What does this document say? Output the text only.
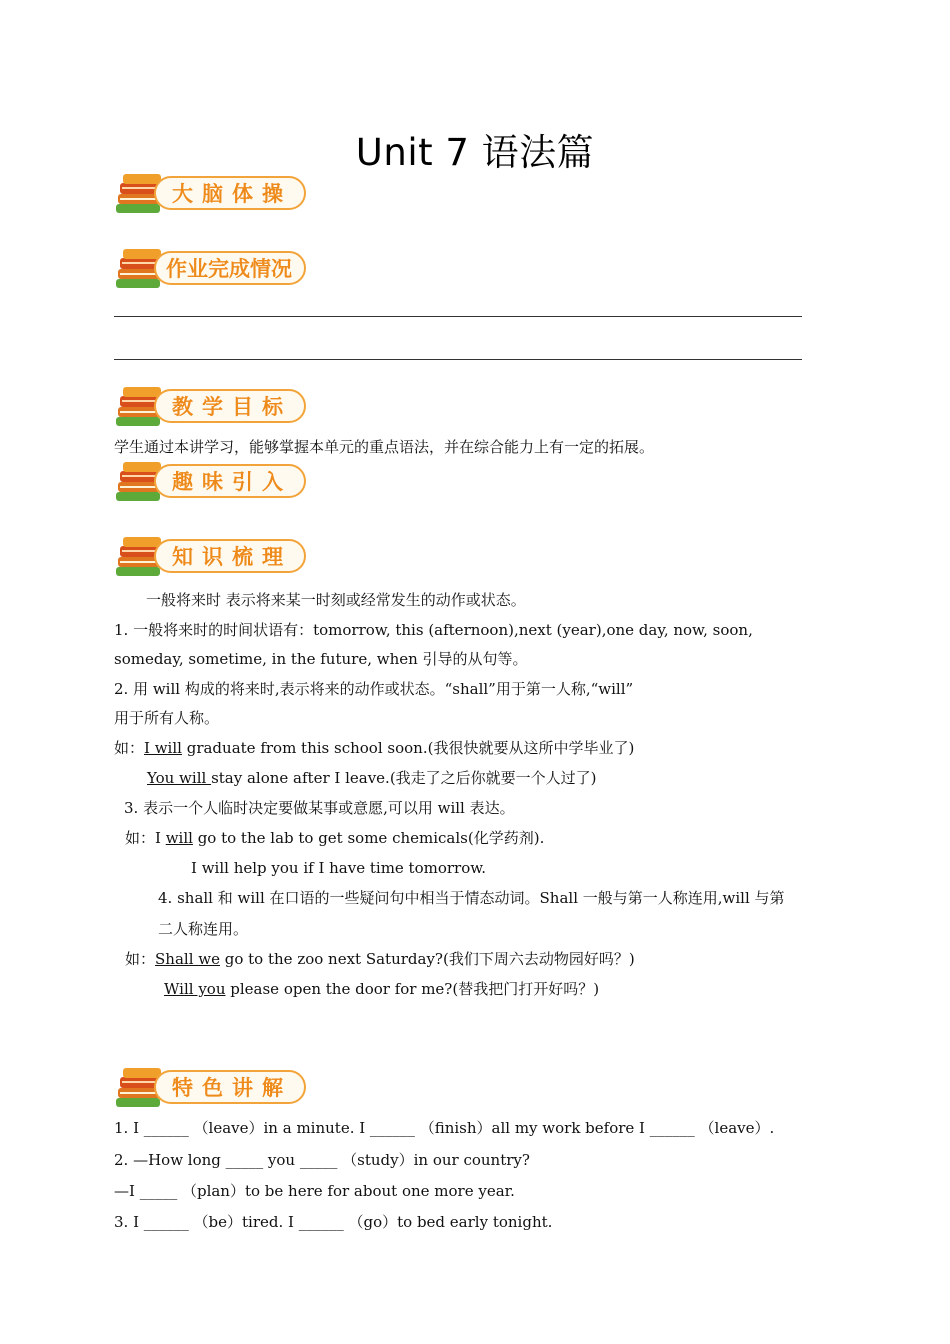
Unit 7 语法篇
大脑体操
作业完成情况
教学目标
学生通过本讲学习，能够掌握本单元的重点语法，并在综合能力上有一定的拓展。
趣味引入
知识梳理
一般将来时 表示将来某一时刻或经常发生的动作或状态。
1. 一般将来时的时间状语有：tomorrow, this (afternoon),next (year),one day, now, soon,
someday, sometime, in the future, when 引导的从句等。
2. 用 will 构成的将来时,表示将来的动作或状态。“shall”用于第一人称,“will”
用于所有人称。
如：I will graduate from this school soon.(我很快就要从这所中学毕业了)
You will stay alone after I leave.(我走了之后你就要一个人过了)
3. 表示一个人临时决定要做某事或意愿,可以用 will 表达。
如：I will go to the lab to get some chemicals(化学药剂).
I will help you if I have time tomorrow.
4. shall 和 will 在口语的一些疑问句中相当于情态动词。Shall 一般与第一人称连用,will 与第
二人称连用。
如：Shall we go to the zoo next Saturday?(我们下周六去动物园好吗？)
Will you please open the door for me?(替我把门打开好吗？)
特色讲解
1. I ______ （leave）in a minute. I ______ （finish）all my work before I ______ （leave）.
2. —How long _____ you _____ （study）in our country?
—I _____ （plan）to be here for about one more year.
3. I ______ （be）tired. I ______ （go）to bed early tonight.
